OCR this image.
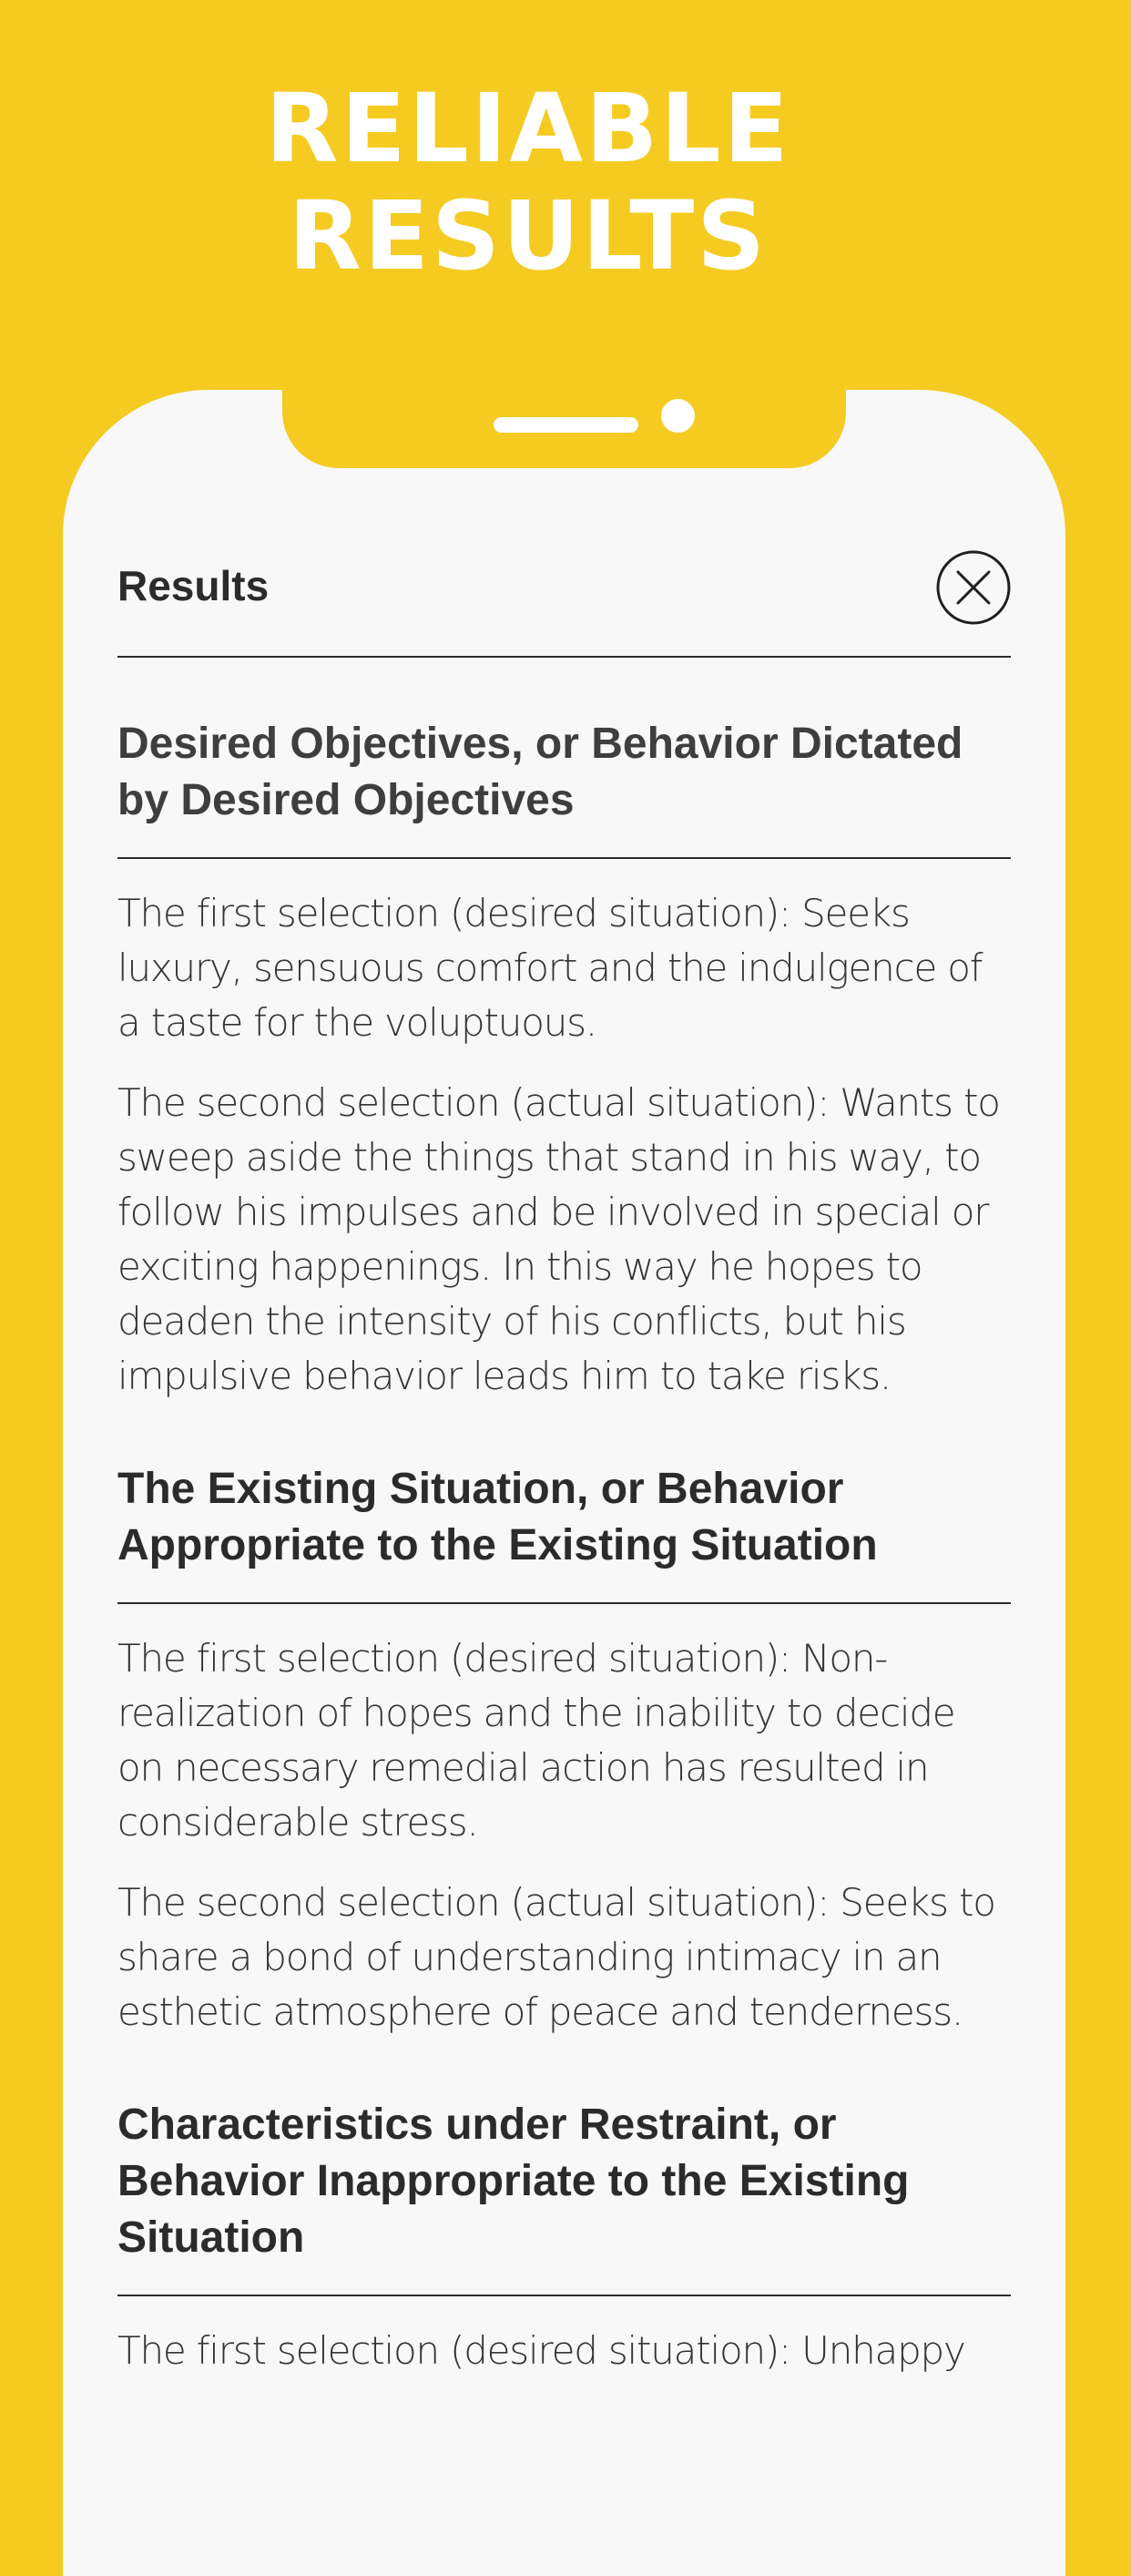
RELIABLE
RESULTS
Results
Desired Objectives, or Behavior Dictated by Desired Objectives

The first selection (desired situation): Seeks luxury, sensuous comfort and the indulgence of a taste for the voluptuous.

The second selection (actual situation): Wants to sweep aside the things that stand in his way, to follow his impulses and be involved in special or exciting happenings. In this way he hopes to deaden the intensity of his conflicts, but his impulsive behavior leads him to take risks.

The Existing Situation, or Behavior Appropriate to the Existing Situation

The first selection (desired situation): Non-realization of hopes and the inability to decide on necessary remedial action has resulted in considerable stress.

The second selection (actual situation): Seeks to share a bond of understanding intimacy in an esthetic atmosphere of peace and tenderness.

Characteristics under Restraint, or Behavior Inappropriate to the Existing Situation

The first selection (desired situation): Unhappy
